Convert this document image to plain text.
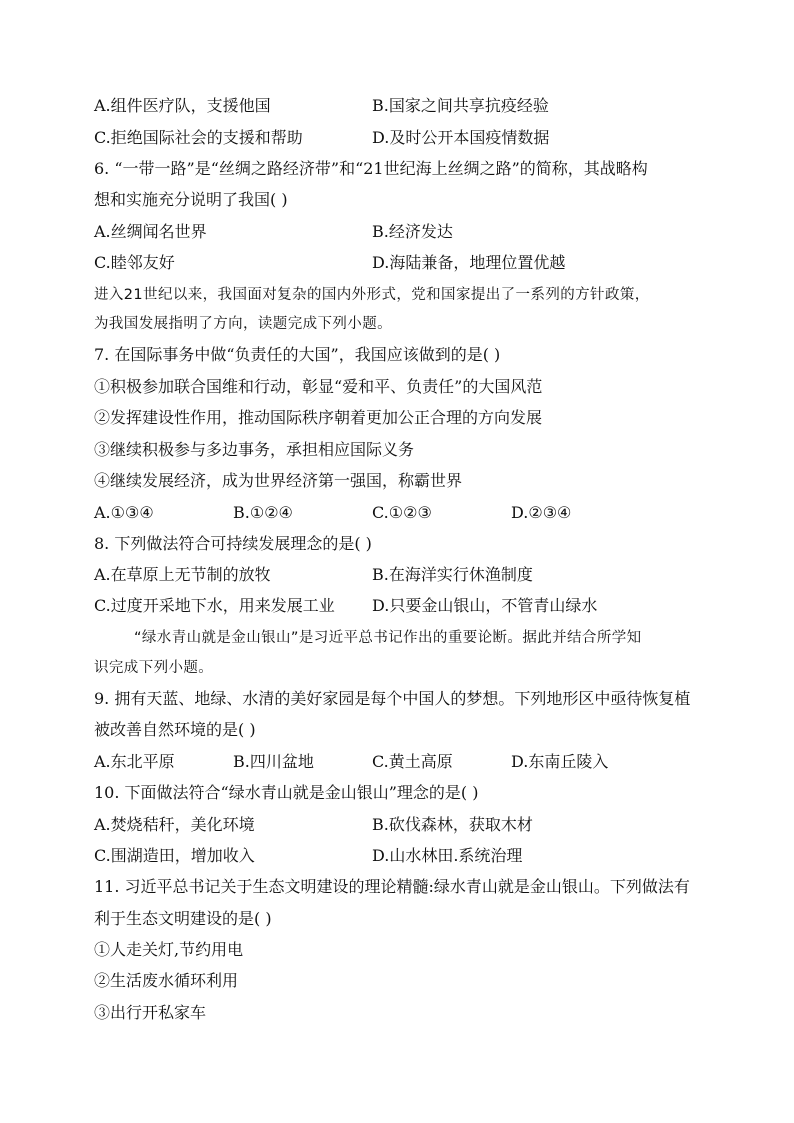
A.组件医疗队，支援他国	B.国家之间共享抗疫经验
C.拒绝国际社会的支援和帮助	D.及时公开本国疫情数据
6. “一带一路”是“丝绸之路经济带”和“21世纪海上丝绸之路”的简称，其战略构
想和实施充分说明了我国( )
A.丝绸闻名世界	B.经济发达
C.睦邻友好	D.海陆兼备，地理位置优越
进入21世纪以来，我国面对复杂的国内外形式，党和国家提出了一系列的方针政策，
为我国发展指明了方向，读题完成下列小题。
7. 在国际事务中做“负责任的大国”，我国应该做到的是( )
①积极参加联合国维和行动，彰显“爱和平、负责任”的大国风范
②发挥建设性作用，推动国际秩序朝着更加公正合理的方向发展
③继续积极参与多边事务，承担相应国际义务
④继续发展经济，成为世界经济第一强国，称霸世界
A.①③④	B.①②④	C.①②③	D.②③④
8. 下列做法符合可持续发展理念的是( )
A.在草原上无节制的放牧	B.在海洋实行休渔制度
C.过度开采地下水，用来发展工业 D.只要金山银山，不管青山绿水
“绿水青山就是金山银山”是习近平总书记作出的重要论断。据此并结合所学知
识完成下列小题。
9. 拥有天蓝、地绿、水清的美好家园是每个中国人的梦想。下列地形区中亟待恢复植
被改善自然环境的是( )
A.东北平原	B.四川盆地	C.黄土高原	D.东南丘陵入
10. 下面做法符合“绿水青山就是金山银山”理念的是( )
A.焚烧秸秆，美化环境	B.砍伐森林，获取木材
C.围湖造田，增加收入	D.山水林田.系统治理
11. 习近平总书记关于生态文明建设的理论精髓:绿水青山就是金山银山。下列做法有
利于生态文明建设的是( )
①人走关灯,节约用电
②生活废水循环利用
③出行开私家车
